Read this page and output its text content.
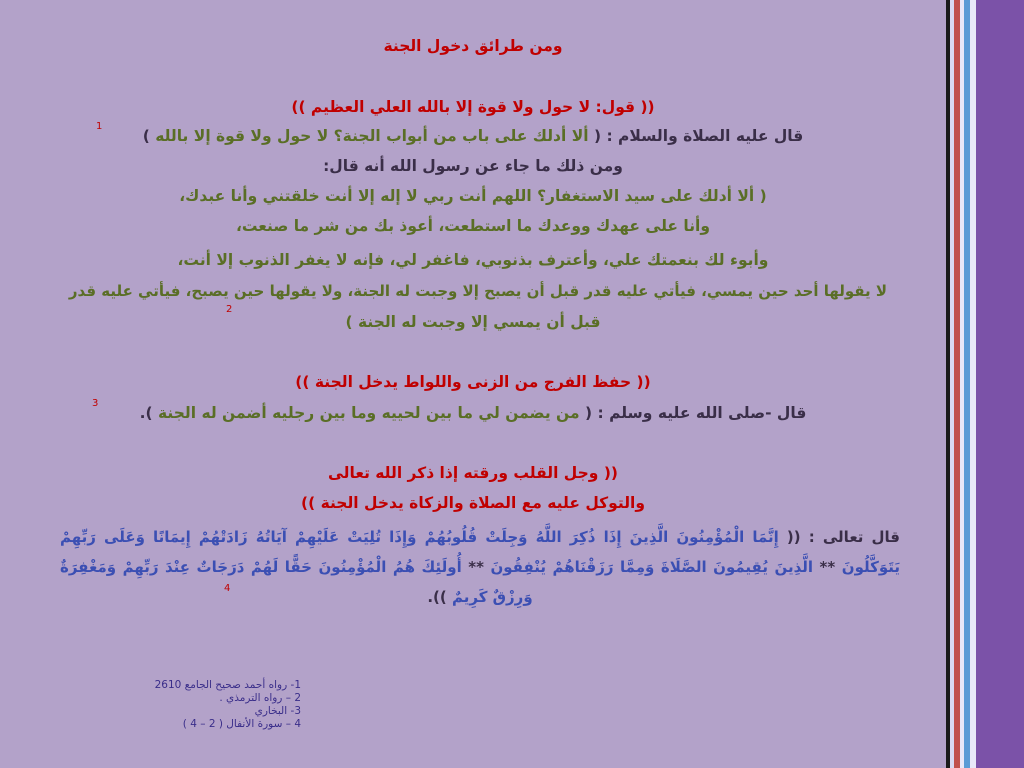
ومن طرائق دخول الجنة
(( قول: لا حول ولا قوة إلا بالله العلي العظيم ))
قال عليه الصلاة والسلام : ( ألا أدلك على باب من أبواب الجنة؟ لا حول ولا قوة إلا بالله )
1
ومن ذلك ما جاء عن رسول الله أنه قال:
( ألا أدلك على سيد الاستغفار؟ اللهم أنت ربي لا إله إلا أنت خلقتني وأنا عبدك،
وأنا على عهدك ووعدك ما استطعت، أعوذ بك من شر ما صنعت،
وأبوء لك بنعمتك علي، وأعترف بذنوبي، فاغفر لي، فإنه لا يغفر الذنوب إلا أنت،
لا يقولها أحد حين يمسي، فيأتي عليه قدر قبل أن يصبح إلا وجبت له الجنة، ولا يقولها حين يصبح، فيأتي عليه قدر
قبل أن يمسي إلا وجبت له الجنة )
2
(( حفظ الفرج من الزنى واللواط يدخل الجنة ))
قال -صلى الله عليه وسلم : ( من يضمن لي ما بين لحييه وما بين رجليه أضمن له الجنة ).
3
(( وجل القلب ورقته إذا ذكر الله تعالى
والتوكل عليه مع الصلاة والزكاة يدخل الجنة ))
قال تعالى : (( إِنَّمَا الْمُؤْمِنُونَ الَّذِينَ إِذَا ذُكِرَ اللَّهُ وَجِلَتْ قُلُوبُهُمْ وَإِذَا تُلِيَتْ عَلَيْهِمْ آيَاتُهُ زَادَتْهُمْ إِيمَانًا وَعَلَى رَبِّهِمْ يَتَوَكَّلُونَ ** الَّذِينَ يُقِيمُونَ الصَّلَاةَ وَمِمَّا رَزَقْنَاهُمْ يُنْفِقُونَ ** أُولَئِكَ هُمُ الْمُؤْمِنُونَ حَقًّا لَهُمْ دَرَجَاتٌ عِنْدَ رَبِّهِمْ وَمَغْفِرَةٌ وَرِزْقٌ كَرِيمٌ )).
4
1- رواه أحمد صحيح الجامع 2610
2 – رواه الترمذي .
3- البخاري
4 – سورة الأنفال ( 2 – 4 )
